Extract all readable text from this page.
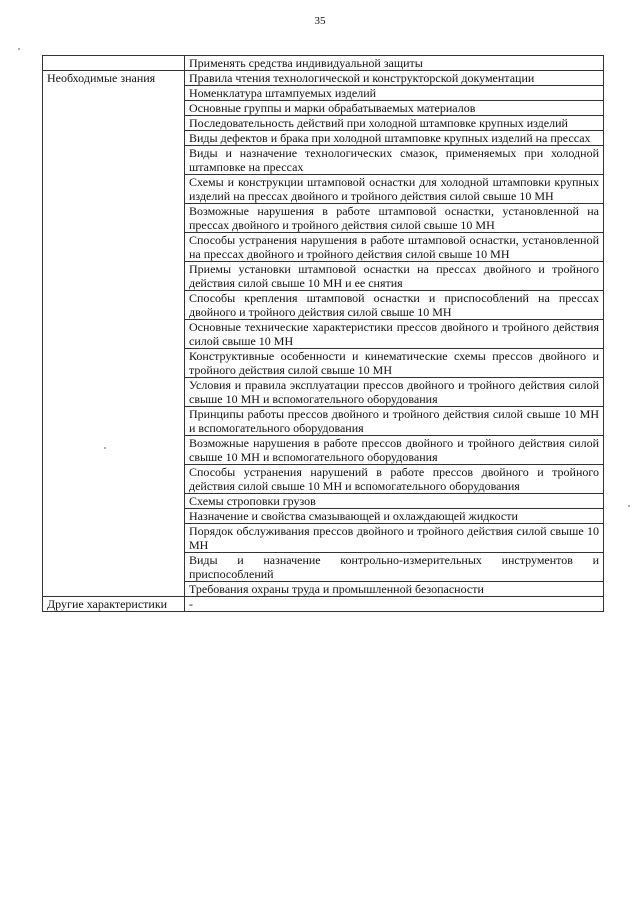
35
	Применять средства индивидуальной защиты
Необходимые знания	Правила чтения технологической и конструкторской документации
	Номенклатура штампуемых изделий
	Основные группы и марки обрабатываемых материалов
	Последовательность действий при холодной штамповке крупных изделий
	Виды дефектов и брака при холодной штамповке крупных изделий на прессах
	Виды и назначение технологических смазок, применяемых при холодной штамповке на прессах
	Схемы и конструкции штамповой оснастки для холодной штамповки крупных изделий на прессах двойного и тройного действия силой свыше 10 МН
	Возможные нарушения в работе штамповой оснастки, установленной на прессах двойного и тройного действия силой свыше 10 МН
	Способы устранения нарушения в работе штамповой оснастки, установленной на прессах двойного и тройного действия силой свыше 10 МН
	Приемы установки штамповой оснастки на прессах двойного и тройного действия силой свыше 10 МН и ее снятия
	Способы крепления штамповой оснастки и приспособлений на прессах двойного и тройного действия силой свыше 10 МН
	Основные технические характеристики прессов двойного и тройного действия силой свыше 10 МН
	Конструктивные особенности и кинематические схемы прессов двойного и тройного действия силой свыше 10 МН
	Условия и правила эксплуатации прессов двойного и тройного действия силой свыше 10 МН и вспомогательного оборудования
	Принципы работы прессов двойного и тройного действия силой свыше 10 МН и вспомогательного оборудования
	Возможные нарушения в работе прессов двойного и тройного действия силой свыше 10 МН и вспомогательного оборудования
	Способы устранения нарушений в работе прессов двойного и тройного действия силой свыше 10 МН и вспомогательного оборудования
	Схемы строповки грузов
	Назначение и свойства смазывающей и охлаждающей жидкости
	Порядок обслуживания прессов двойного и тройного действия силой свыше 10 МН
	Виды и назначение контрольно-измерительных инструментов и приспособлений
	Требования охраны труда и промышленной безопасности
Другие характеристики	-
